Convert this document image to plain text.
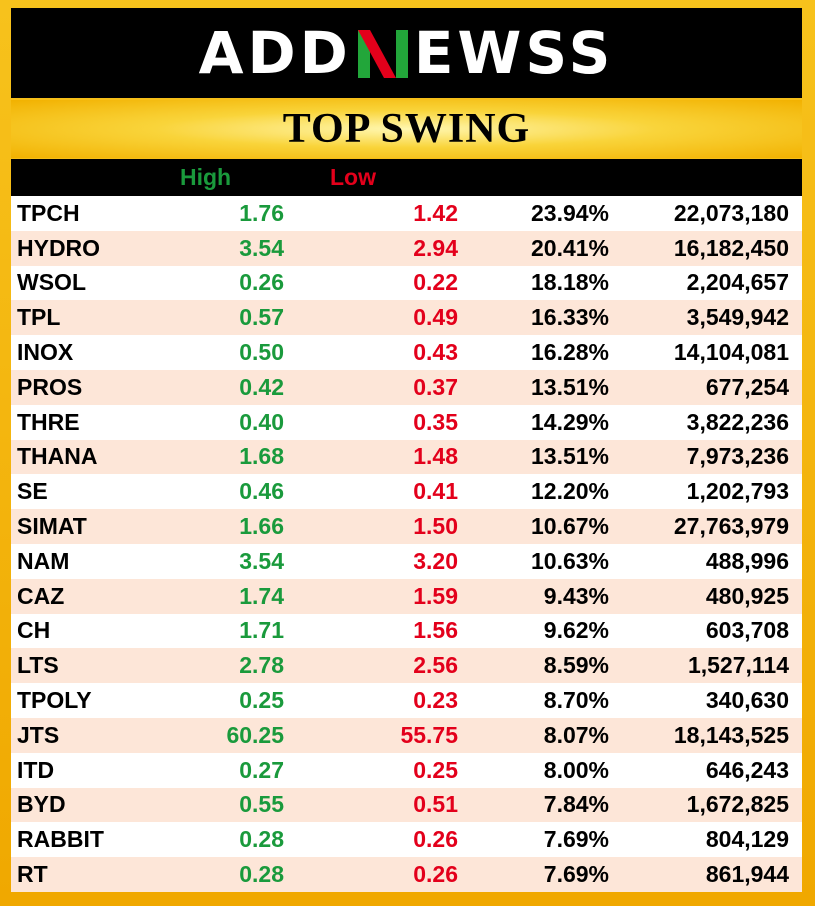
ADD EWSS
TOP SWING
SYMBOL	High	Low		VALUE
TPCH	1.76	1.42	23.94%	22,073,180
HYDRO	3.54	2.94	20.41%	16,182,450
WSOL	0.26	0.22	18.18%	2,204,657
TPL	0.57	0.49	16.33%	3,549,942
INOX	0.50	0.43	16.28%	14,104,081
PROS	0.42	0.37	13.51%	677,254
THRE	0.40	0.35	14.29%	3,822,236
THANA	1.68	1.48	13.51%	7,973,236
SE	0.46	0.41	12.20%	1,202,793
SIMAT	1.66	1.50	10.67%	27,763,979
NAM	3.54	3.20	10.63%	488,996
CAZ	1.74	1.59	9.43%	480,925
CH	1.71	1.56	9.62%	603,708
LTS	2.78	2.56	8.59%	1,527,114
TPOLY	0.25	0.23	8.70%	340,630
JTS	60.25	55.75	8.07%	18,143,525
ITD	0.27	0.25	8.00%	646,243
BYD	0.55	0.51	7.84%	1,672,825
RABBIT	0.28	0.26	7.69%	804,129
RT	0.28	0.26	7.69%	861,944
